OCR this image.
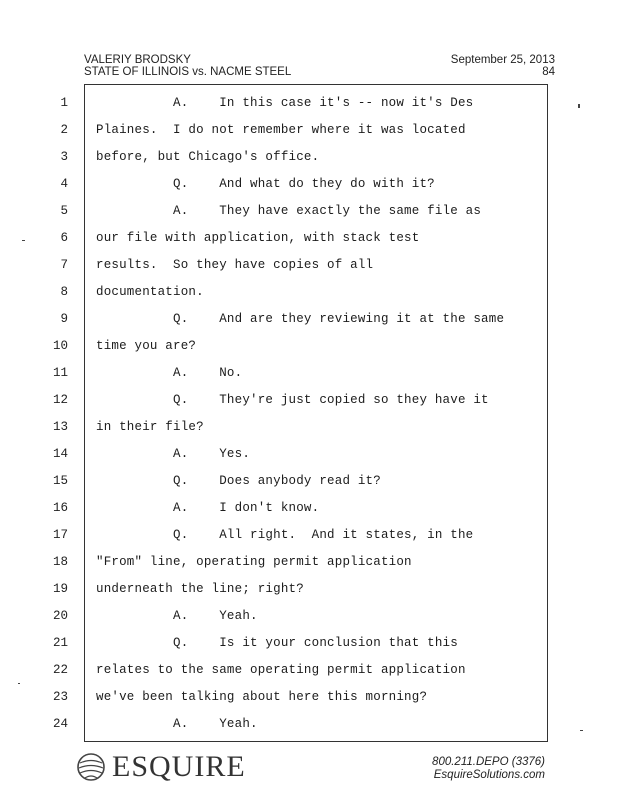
VALERIY BRODSKY
STATE OF ILLINOIS vs. NACME STEEL
September 25, 2013
84
1 A.    In this case it's -- now it's Des
2 Plaines.  I do not remember where it was located
3 before, but Chicago's office.
4 Q.    And what do they do with it?
5 A.    They have exactly the same file as
6 our file with application, with stack test
7 results.  So they have copies of all
8 documentation.
9 Q.    And are they reviewing it at the same
10 time you are?
11 A.    No.
12 Q.    They're just copied so they have it
13 in their file?
14 A.    Yes.
15 Q.    Does anybody read it?
16 A.    I don't know.
17 Q.    All right.  And it states, in the
18 "From" line, operating permit application
19 underneath the line; right?
20 A.    Yeah.
21 Q.    Is it your conclusion that this
22 relates to the same operating permit application
23 we've been talking about here this morning?
24 A.    Yeah.
ESQUIRE	800.211.DEPO (3376)
EsquireSolutions.com
